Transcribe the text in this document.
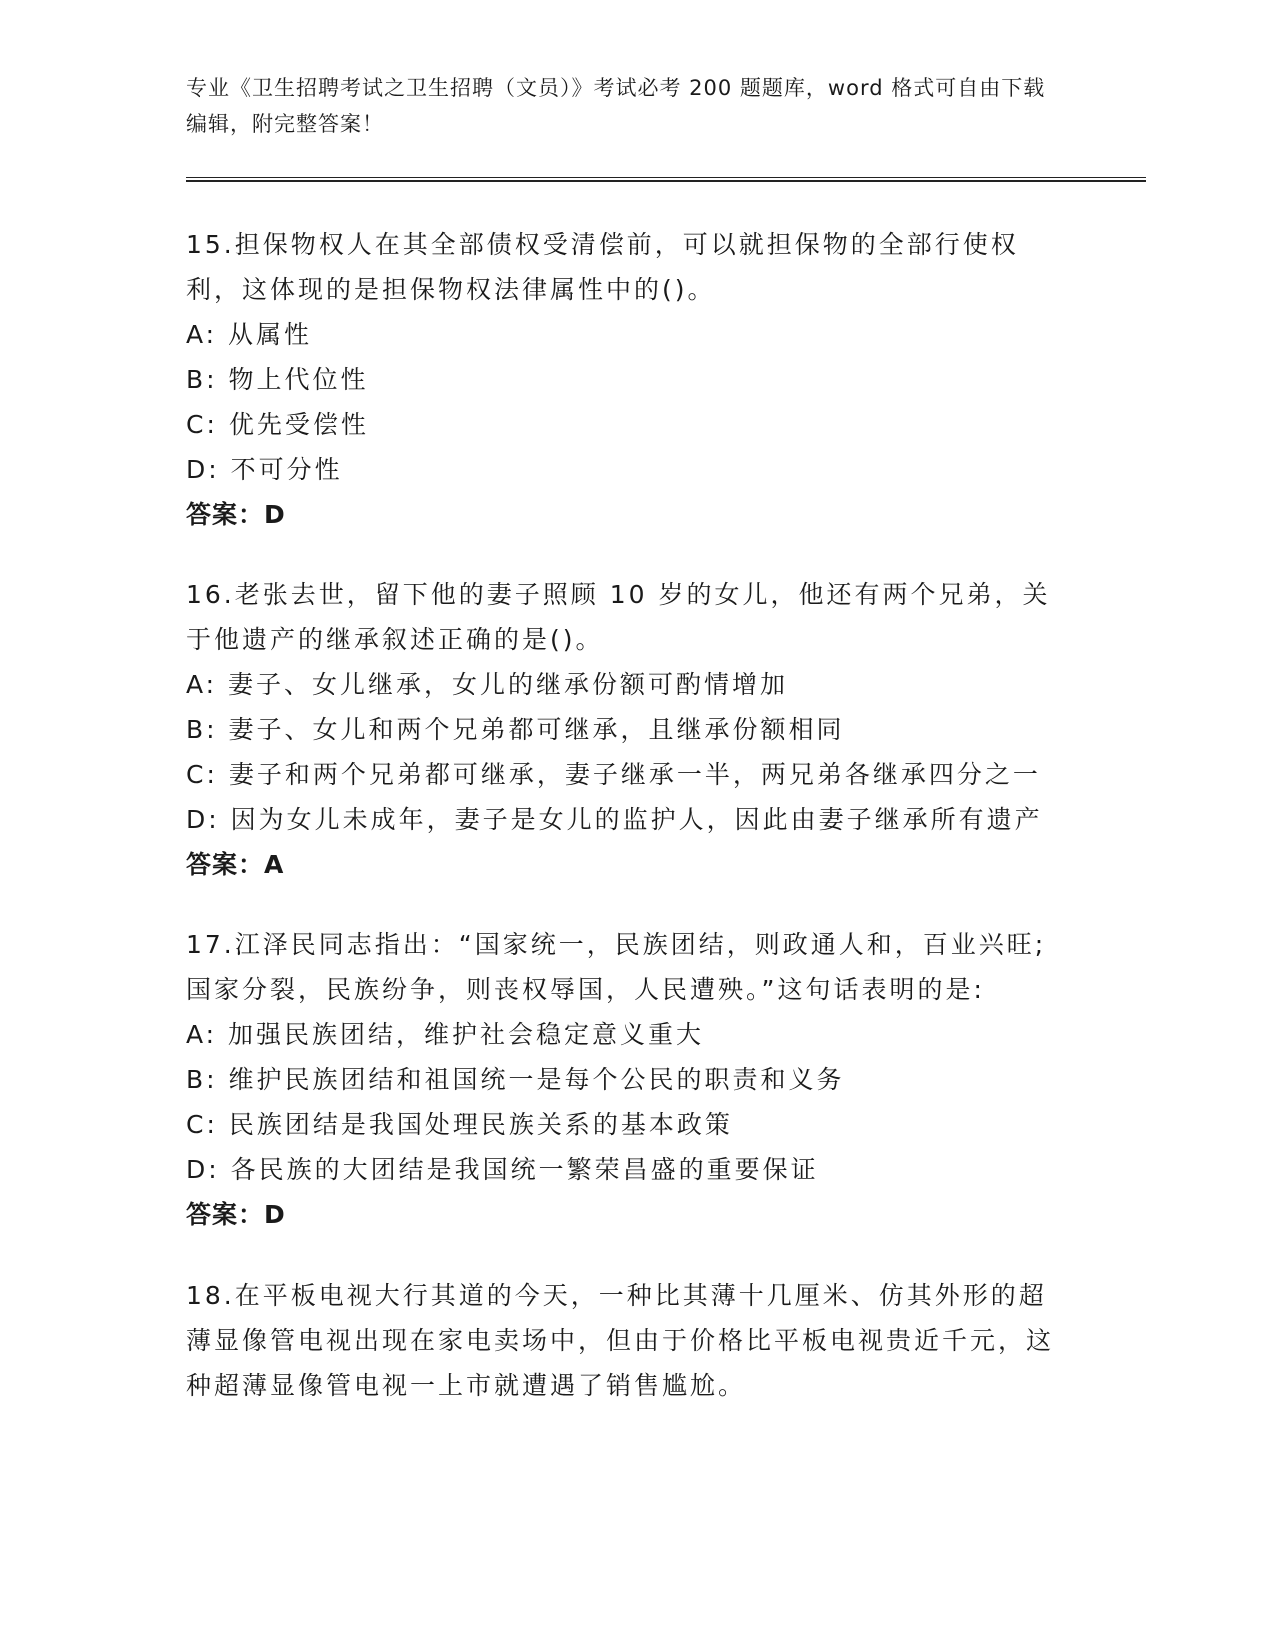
专业《卫生招聘考试之卫生招聘（文员）》考试必考 200 题题库，word 格式可自由下载编辑，附完整答案！
15.担保物权人在其全部债权受清偿前，可以就担保物的全部行使权利，这体现的是担保物权法律属性中的()。
A: 从属性
B: 物上代位性
C: 优先受偿性
D: 不可分性
答案：D
16.老张去世，留下他的妻子照顾 10 岁的女儿，他还有两个兄弟，关于他遗产的继承叙述正确的是()。
A: 妻子、女儿继承，女儿的继承份额可酌情增加
B: 妻子、女儿和两个兄弟都可继承，且继承份额相同
C: 妻子和两个兄弟都可继承，妻子继承一半，两兄弟各继承四分之一
D: 因为女儿未成年，妻子是女儿的监护人，因此由妻子继承所有遗产
答案：A
17.江泽民同志指出：“国家统一，民族团结，则政通人和，百业兴旺;国家分裂，民族纷争，则丧权辱国，人民遭殃。”这句话表明的是:
A: 加强民族团结，维护社会稳定意义重大
B: 维护民族团结和祖国统一是每个公民的职责和义务
C: 民族团结是我国处理民族关系的基本政策
D: 各民族的大团结是我国统一繁荣昌盛的重要保证
答案：D
18.在平板电视大行其道的今天，一种比其薄十几厘米、仿其外形的超薄显像管电视出现在家电卖场中，但由于价格比平板电视贵近千元，这种超薄显像管电视一上市就遭遇了销售尴尬。
